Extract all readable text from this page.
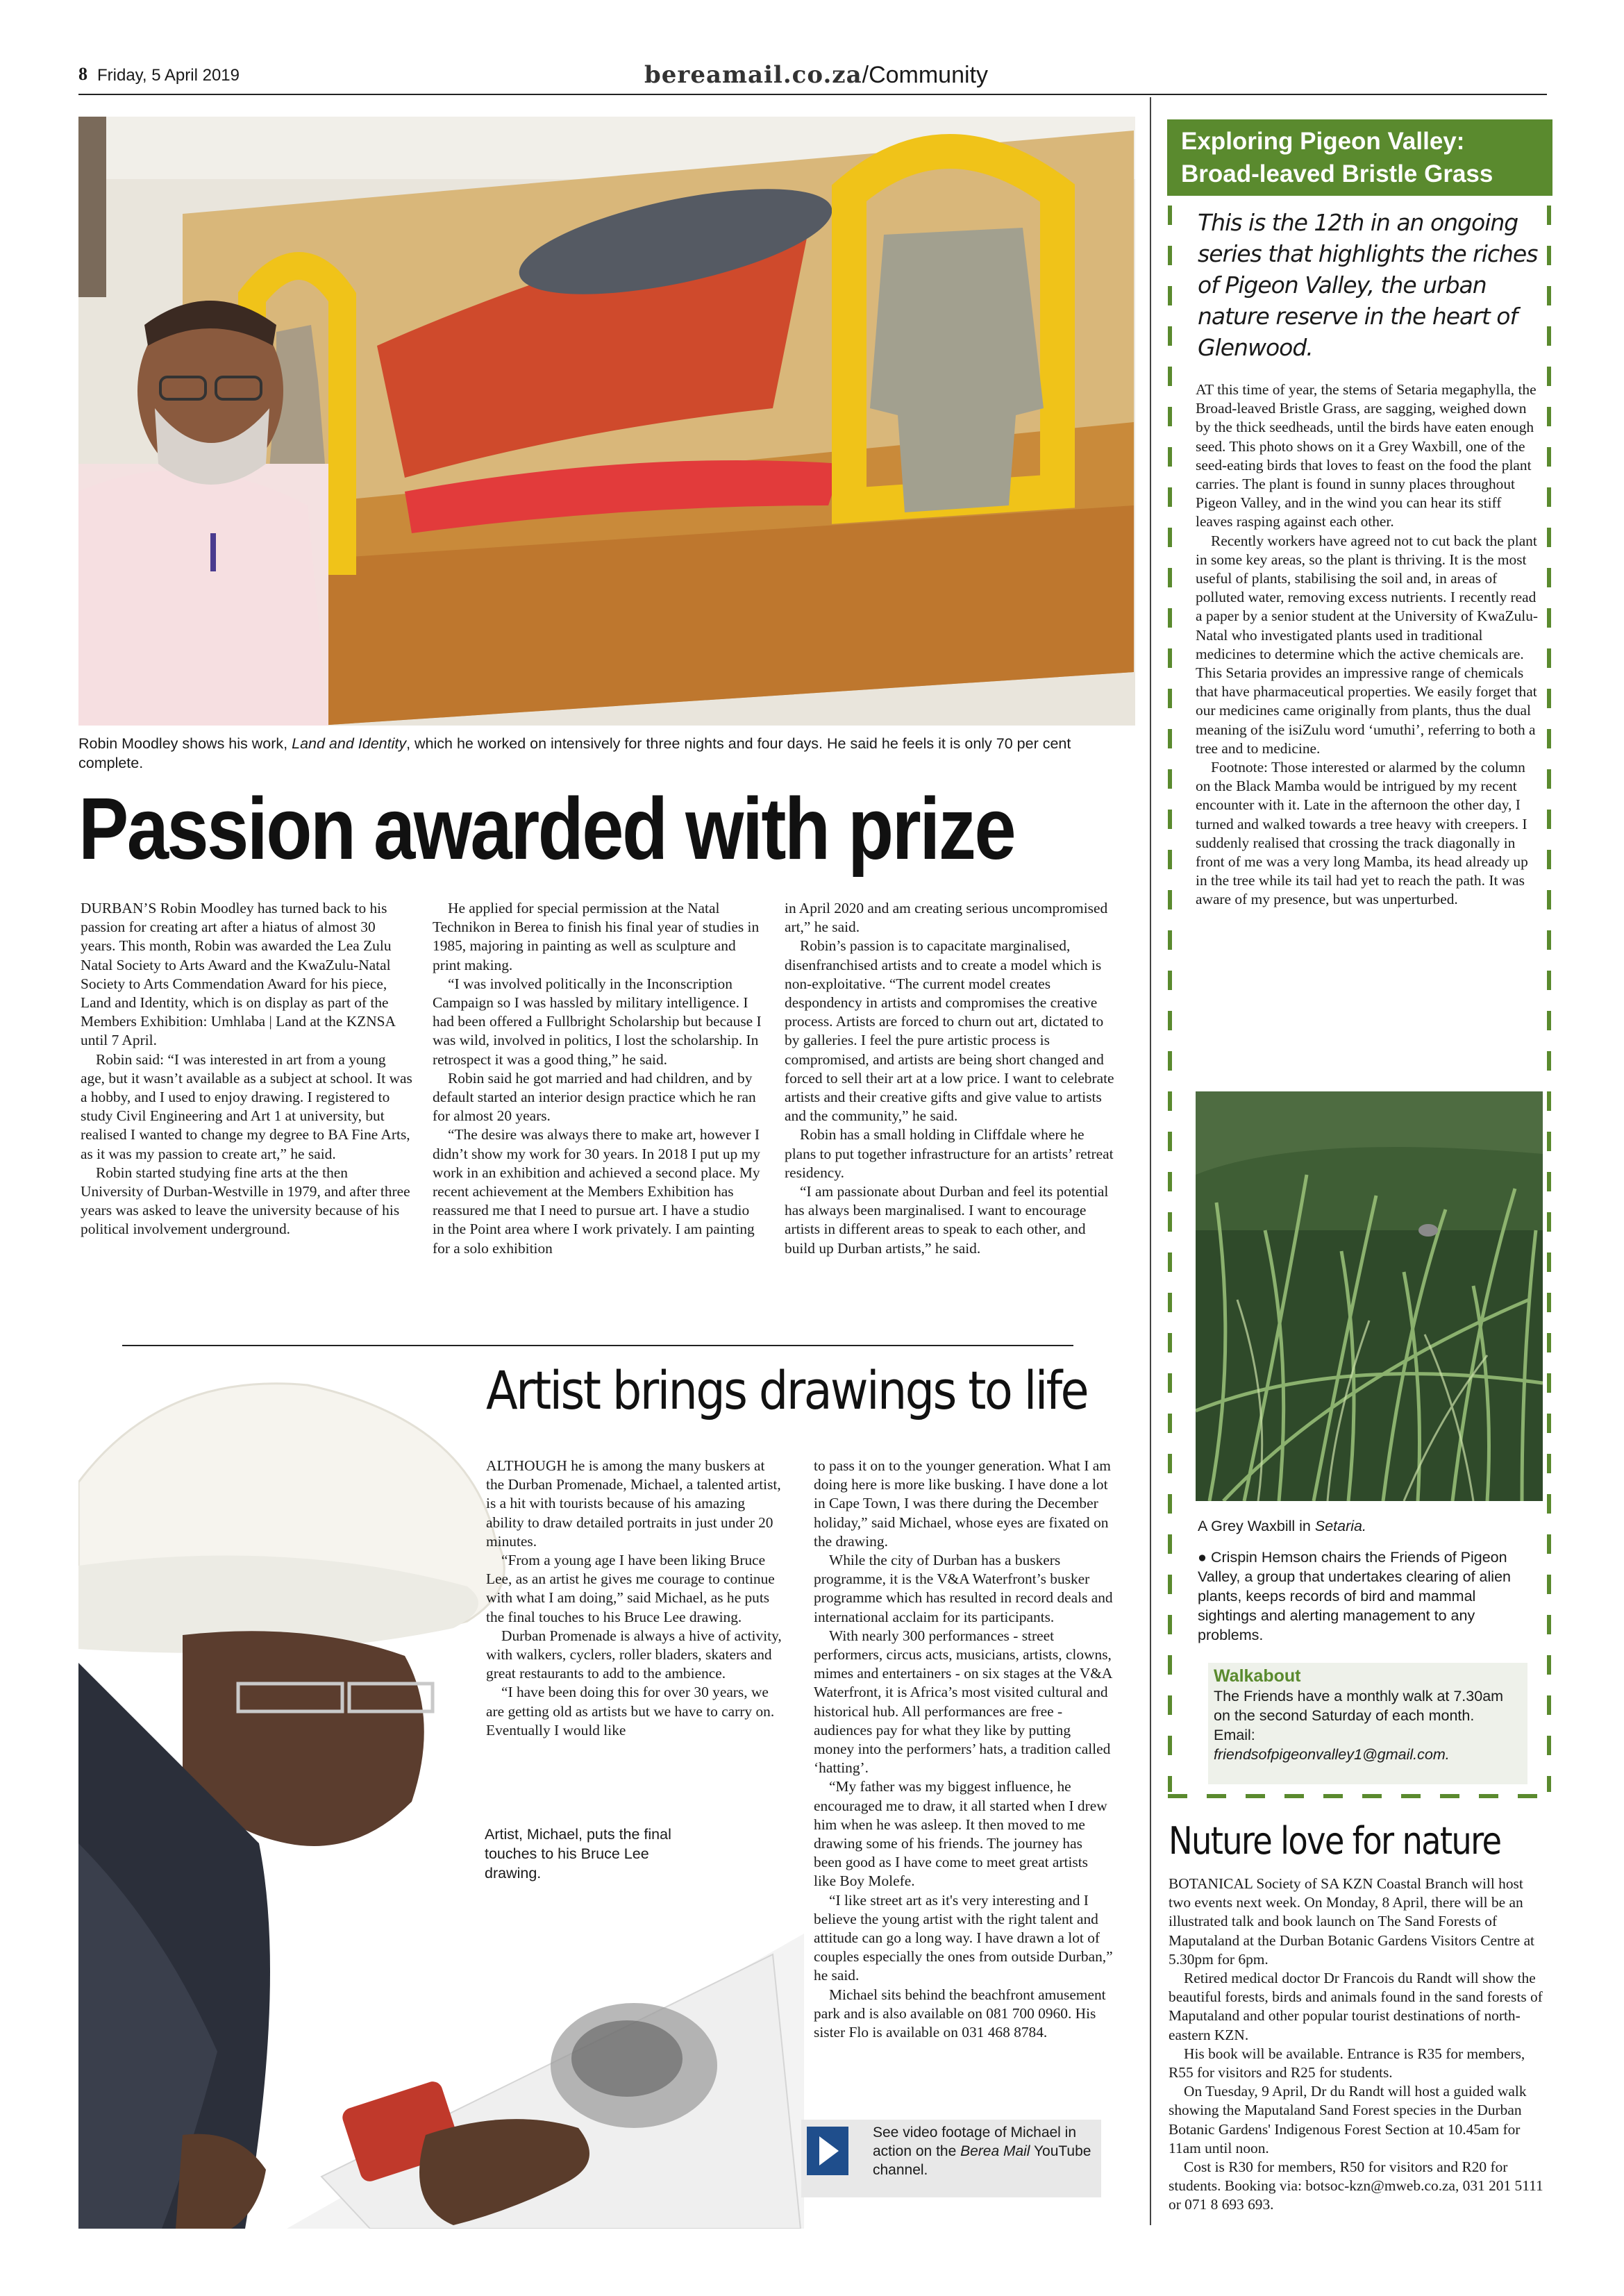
8 Friday, 5 April 2019	bereamail.co.za/Community
Robin Moodley shows his work, Land and Identity, which he worked on intensively for three nights and four days. He said he feels it is only 70 per cent complete.
Passion awarded with prize

DURBAN’S Robin Moodley has turned back to his passion for creating art after a hiatus of almost 30 years. This month, Robin was awarded the Lea Zulu Natal Society to Arts Award and the KwaZulu-Natal Society to Arts Commendation Award for his piece, Land and Identity, which is on display as part of the Members Exhibition: Umhlaba | Land at the KZNSA until 7 April.

Robin said: “I was interested in art from a young age, but it wasn’t available as a subject at school. It was a hobby, and I used to enjoy drawing. I registered to study Civil Engineering and Art 1 at university, but realised I wanted to change my degree to BA Fine Arts, as it was my passion to create art,” he said.

Robin started studying fine arts at the then University of Durban-Westville in 1979, and after three years was asked to leave the university because of his political involvement underground.

He applied for special permission at the Natal Technikon in Berea to finish his final year of studies in 1985, majoring in painting as well as sculpture and print making.

“I was involved politically in the Inconscription Campaign so I was hassled by military intelligence. I had been offered a Fullbright Scholarship but because I was wild, involved in politics, I lost the scholarship. In retrospect it was a good thing,” he said.

Robin said he got married and had children, and by default started an interior design practice which he ran for almost 20 years.

“The desire was always there to make art, however I didn’t show my work for 30 years. In 2018 I put up my work in an exhibition and achieved a second place. My recent achievement at the Members Exhibition has reassured me that I need to pursue art. I have a studio in the Point area where I work privately. I am painting for a solo exhibition

in April 2020 and am creating serious uncompromised art,” he said.

Robin’s passion is to capacitate marginalised, disenfranchised artists and to create a model which is non-exploitative. “The current model creates despondency in artists and compromises the creative process. Artists are forced to churn out art, dictated to by galleries. I feel the pure artistic process is compromised, and artists are being short changed and forced to sell their art at a low price. I want to celebrate artists and their creative gifts and give value to artists and the community,” he said.

Robin has a small holding in Cliffdale where he plans to put together infrastructure for an artists’ retreat residency.

“I am passionate about Durban and feel its potential has always been marginalised. I want to encourage artists in different areas to speak to each other, and build up Durban artists,” he said.

Artist brings drawings to life

ALTHOUGH he is among the many buskers at the Durban Promenade, Michael, a talented artist, is a hit with tourists because of his amazing ability to draw detailed portraits in just under 20 minutes.

“From a young age I have been liking Bruce Lee, as an artist he gives me courage to continue with what I am doing,” said Michael, as he puts the final touches to his Bruce Lee drawing.

Durban Promenade is always a hive of activity, with walkers, cyclers, roller bladers, skaters and great restaurants to add to the ambience.

“I have been doing this for over 30 years, we are getting old as artists but we have to carry on. Eventually I would like

Artist, Michael, puts the final touches to his Bruce Lee drawing.

to pass it on to the younger generation. What I am doing here is more like busking. I have done a lot in Cape Town, I was there during the December holiday,” said Michael, whose eyes are fixated on the drawing.

While the city of Durban has a buskers programme, it is the V&A Waterfront’s busker programme which has resulted in record deals and international acclaim for its participants.

With nearly 300 performances - street performers, circus acts, musicians, artists, clowns, mimes and entertainers - on six stages at the V&A Waterfront, it is Africa’s most visited cultural and historical hub. All performances are free - audiences pay for what they like by putting money into the performers’ hats, a tradition called ‘hatting’.

“My father was my biggest influence, he encouraged me to draw, it all started when I drew him when he was asleep. It then moved to me drawing some of his friends. The journey has been good as I have come to meet great artists like Boy Molefe.

“I like street art as it's very interesting and I believe the young artist with the right talent and attitude can go a long way. I have drawn a lot of couples especially the ones from outside Durban,” he said.

Michael sits behind the beachfront amusement park and is also available on 081 700 0960. His sister Flo is available on 031 468 8784.

See video footage of Michael in action on the Berea Mail YouTube channel.
Exploring Pigeon Valley:
Broad-leaved Bristle Grass
This is the 12th in an ongoing series that highlights the riches of Pigeon Valley, the urban nature reserve in the heart of Glenwood.

AT this time of year, the stems of Setaria megaphylla, the Broad-leaved Bristle Grass, are sagging, weighed down by the thick seedheads, until the birds have eaten enough seed. This photo shows on it a Grey Waxbill, one of the seed-eating birds that loves to feast on the food the plant carries. The plant is found in sunny places throughout Pigeon Valley, and in the wind you can hear its stiff leaves rasping against each other.

Recently workers have agreed not to cut back the plant in some key areas, so the plant is thriving. It is the most useful of plants, stabilising the soil and, in areas of polluted water, removing excess nutrients. I recently read a paper by a senior student at the University of KwaZulu-Natal who investigated plants used in traditional medicines to determine which the active chemicals are. This Setaria provides an impressive range of chemicals that have pharmaceutical properties. We easily forget that our medicines came originally from plants, thus the dual meaning of the isiZulu word ‘umuthi’, referring to both a tree and to medicine.

Footnote: Those interested or alarmed by the column on the Black Mamba would be intrigued by my recent encounter with it. Late in the afternoon the other day, I turned and walked towards a tree heavy with creepers. I suddenly realised that crossing the track diagonally in front of me was a very long Mamba, its head already up in the tree while its tail had yet to reach the path. It was aware of my presence, but was unperturbed.

A Grey Waxbill in Setaria.
● Crispin Hemson chairs the Friends of Pigeon Valley, a group that undertakes clearing of alien plants, keeps records of bird and mammal sightings and alerting management to any problems.
Walkabout
The Friends have a monthly walk at 7.30am on the second Saturday of each month. Email:
friendsofpigeonvalley1@gmail.com.
Nuture love for nature

BOTANICAL Society of SA KZN Coastal Branch will host two events next week. On Monday, 8 April, there will be an illustrated talk and book launch on The Sand Forests of Maputaland at the Durban Botanic Gardens Visitors Centre at 5.30pm for 6pm.

Retired medical doctor Dr Francois du Randt will show the beautiful forests, birds and animals found in the sand forests of Maputaland and other popular tourist destinations of north-eastern KZN.

His book will be available. Entrance is R35 for members, R55 for visitors and R25 for students.

On Tuesday, 9 April, Dr du Randt will host a guided walk showing the Maputaland Sand Forest species in the Durban Botanic Gardens' Indigenous Forest Section at 10.45am for 11am until noon.

Cost is R30 for members, R50 for visitors and R20 for students. Booking via: botsoc-kzn@mweb.co.za, 031 201 5111 or 071 8 693 693.
